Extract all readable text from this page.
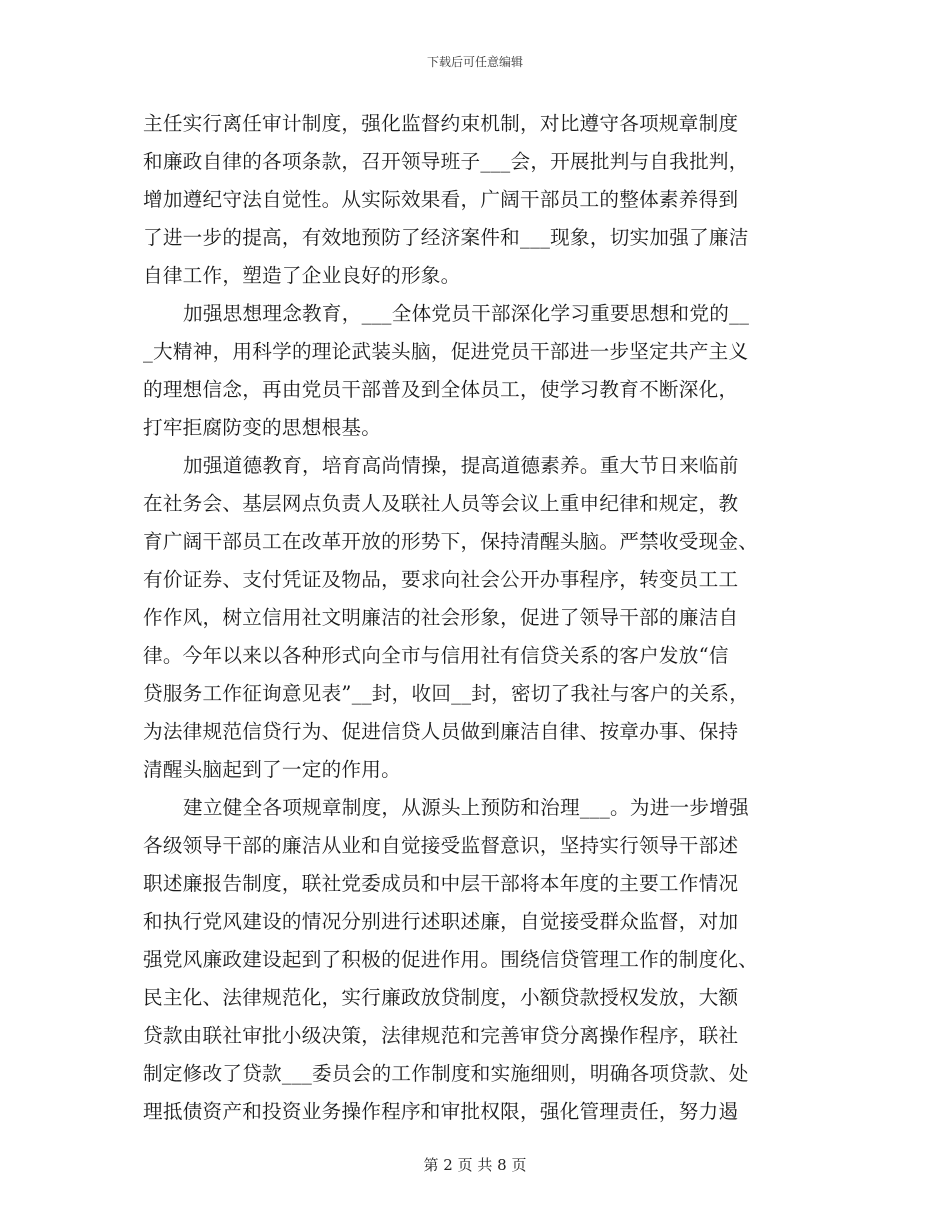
下载后可任意编辑
主任实行离任审计制度，强化监督约束机制，对比遵守各项规章制度
和廉政自律的各项条款，召开领导班子___会，开展批判与自我批判，
增加遵纪守法自觉性。从实际效果看，广阔干部员工的整体素养得到
了进一步的提高，有效地预防了经济案件和___现象，切实加强了廉洁
自律工作，塑造了企业良好的形象。
加强思想理念教育，___全体党员干部深化学习重要思想和党的__
_大精神，用科学的理论武装头脑，促进党员干部进一步坚定共产主义
的理想信念，再由党员干部普及到全体员工，使学习教育不断深化，
打牢拒腐防变的思想根基。
加强道德教育，培育高尚情操，提高道德素养。重大节日来临前
在社务会、基层网点负责人及联社人员等会议上重申纪律和规定，教
育广阔干部员工在改革开放的形势下，保持清醒头脑。严禁收受现金、
有价证券、支付凭证及物品，要求向社会公开办事程序，转变员工工
作作风，树立信用社文明廉洁的社会形象，促进了领导干部的廉洁自
律。今年以来以各种形式向全市与信用社有信贷关系的客户发放“信
贷服务工作征询意见表”__封，收回__封，密切了我社与客户的关系，
为法律规范信贷行为、促进信贷人员做到廉洁自律、按章办事、保持
清醒头脑起到了一定的作用。
建立健全各项规章制度，从源头上预防和治理___。为进一步增强
各级领导干部的廉洁从业和自觉接受监督意识，坚持实行领导干部述
职述廉报告制度，联社党委成员和中层干部将本年度的主要工作情况
和执行党风建设的情况分别进行述职述廉，自觉接受群众监督，对加
强党风廉政建设起到了积极的促进作用。围绕信贷管理工作的制度化、
民主化、法律规范化，实行廉政放贷制度，小额贷款授权发放，大额
贷款由联社审批小级决策，法律规范和完善审贷分离操作程序，联社
制定修改了贷款___委员会的工作制度和实施细则，明确各项贷款、处
理抵债资产和投资业务操作程序和审批权限，强化管理责任，努力遏
第 2 页 共 8 页
